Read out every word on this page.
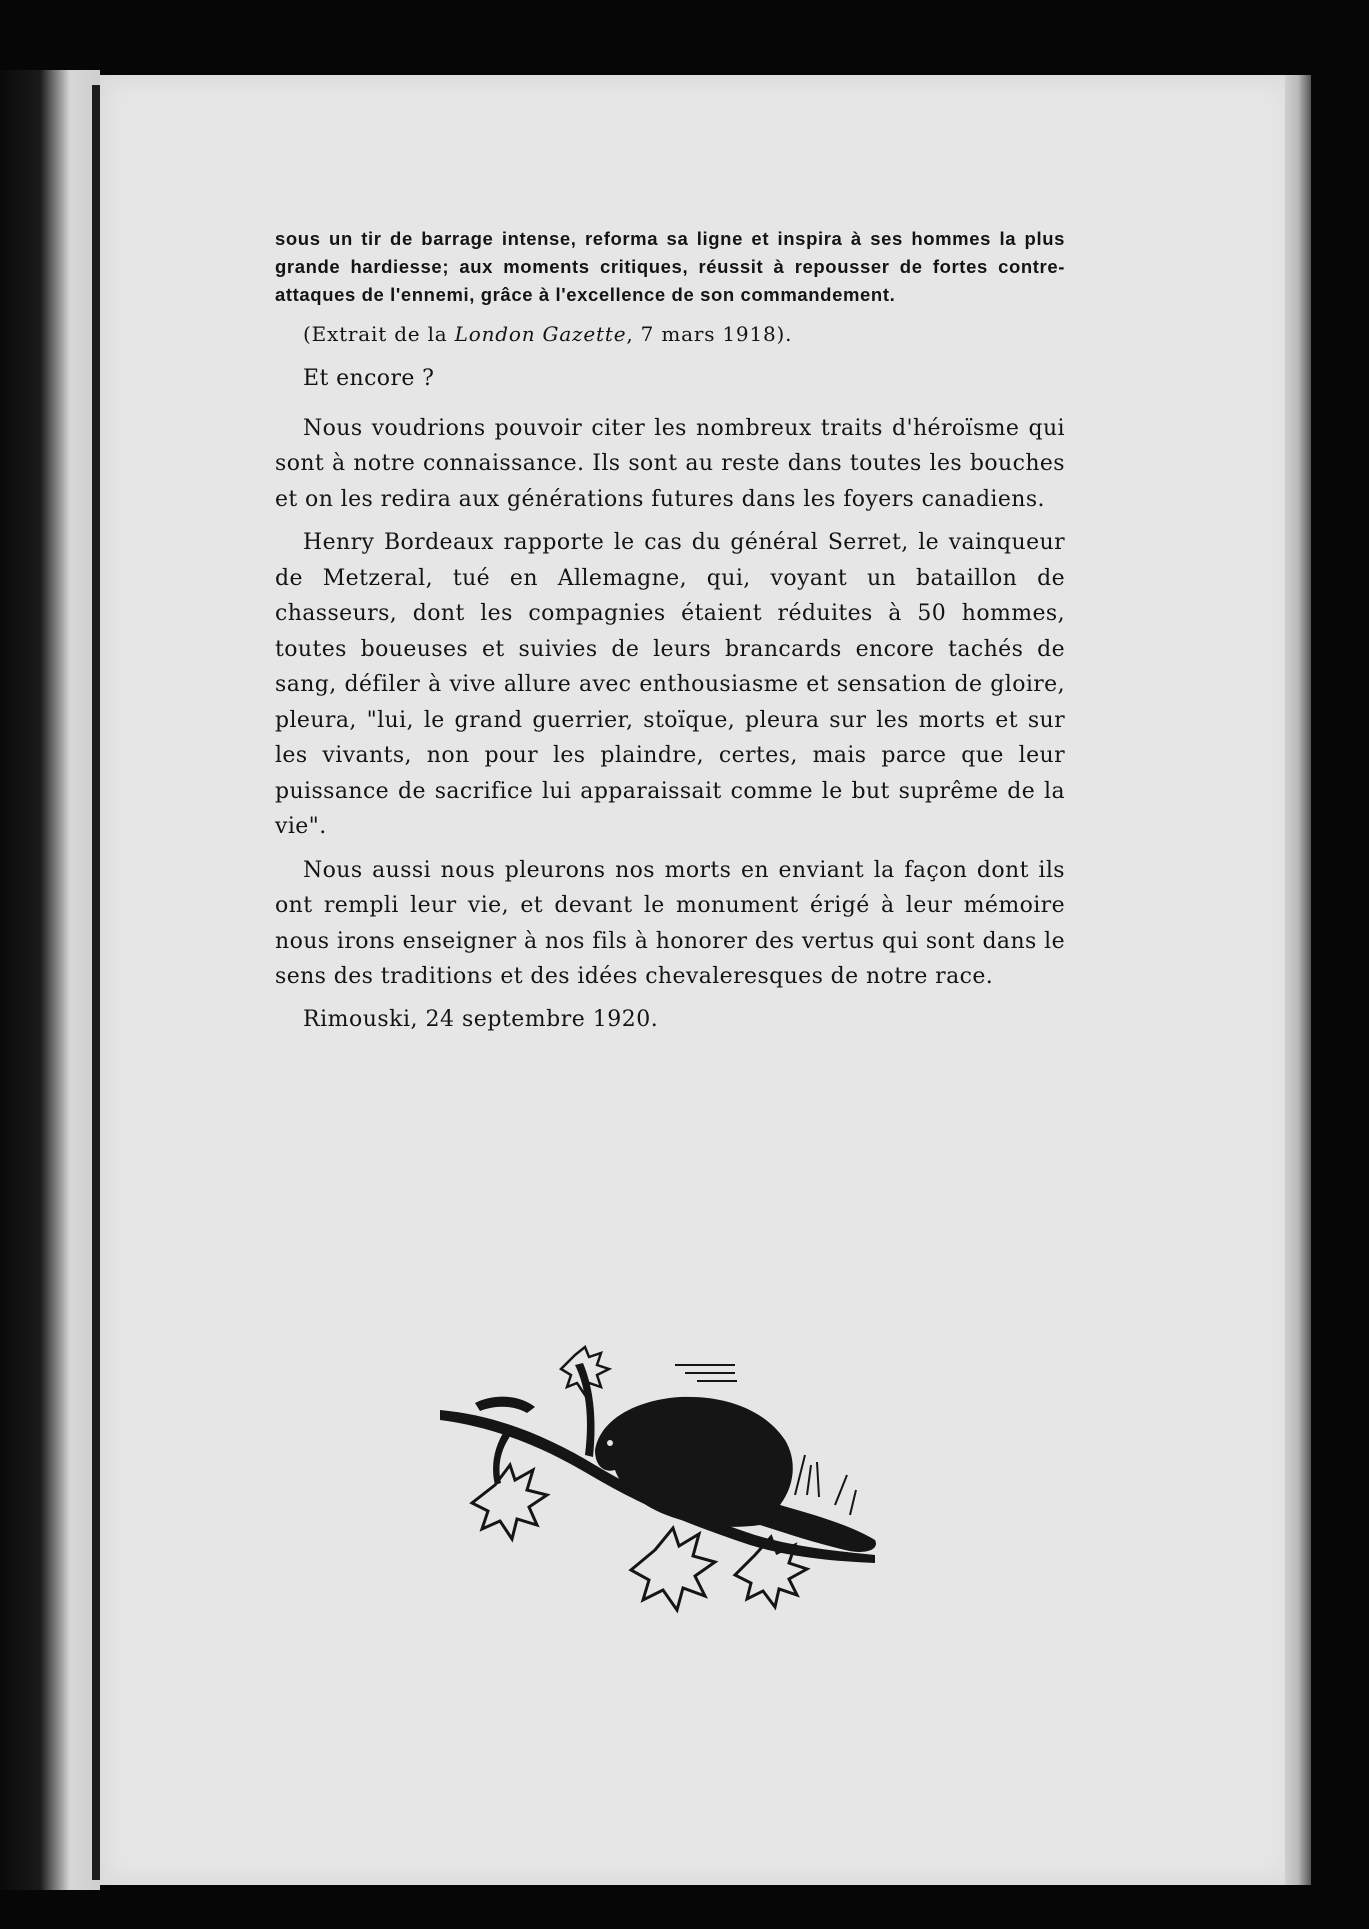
sous un tir de barrage intense, reforma sa ligne et inspira à ses hommes la plus grande hardiesse; aux moments critiques, réussit à repousser de fortes contre-attaques de l'ennemi, grâce à l'excellence de son commandement.

(Extrait de la London Gazette, 7 mars 1918).

Et encore ?

Nous voudrions pouvoir citer les nombreux traits d'héroïsme qui sont à notre connaissance. Ils sont au reste dans toutes les bouches et on les redira aux générations futures dans les foyers canadiens.

Henry Bordeaux rapporte le cas du général Serret, le vainqueur de Metzeral, tué en Allemagne, qui, voyant un bataillon de chasseurs, dont les compagnies étaient réduites à 50 hommes, toutes boueuses et suivies de leurs brancards encore tachés de sang, défiler à vive allure avec enthousiasme et sensation de gloire, pleura, "lui, le grand guerrier, stoïque, pleura sur les morts et sur les vivants, non pour les plaindre, certes, mais parce que leur puissance de sacrifice lui apparaissait comme le but suprême de la vie".

Nous aussi nous pleurons nos morts en enviant la façon dont ils ont rempli leur vie, et devant le monument érigé à leur mémoire nous irons enseigner à nos fils à honorer des vertus qui sont dans le sens des traditions et des idées chevaleresques de notre race.

Rimouski, 24 septembre 1920.
